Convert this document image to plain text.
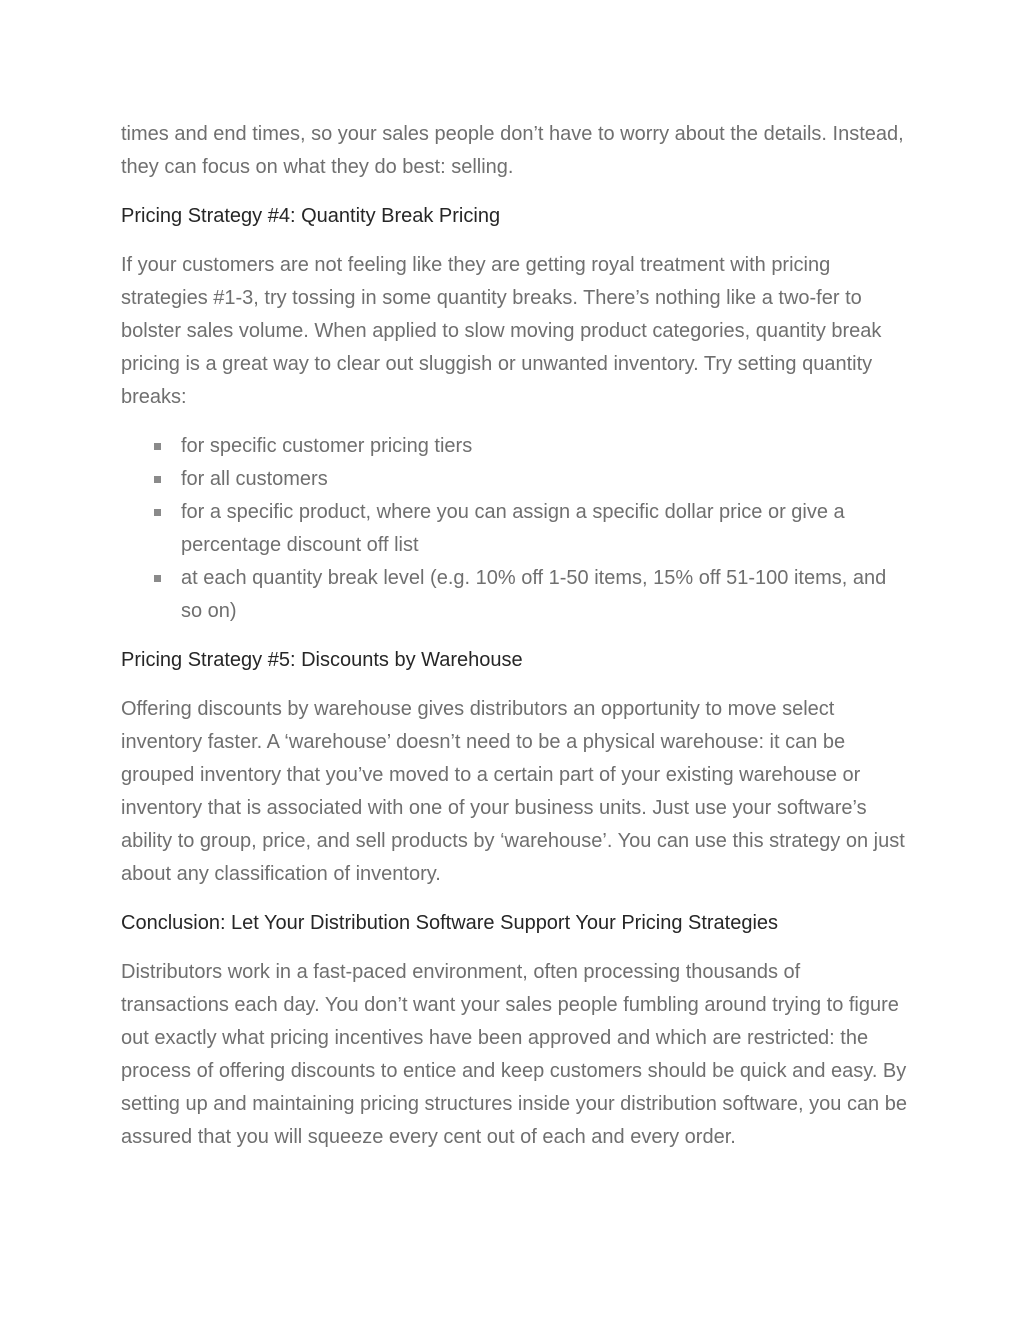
times and end times, so your sales people don’t have to worry about the details. Instead, they can focus on what they do best: selling.

Pricing Strategy #4: Quantity Break Pricing

If your customers are not feeling like they are getting royal treatment with pricing strategies #1-3, try tossing in some quantity breaks. There’s nothing like a two-fer to bolster sales volume. When applied to slow moving product categories, quantity break pricing is a great way to clear out sluggish or unwanted inventory. Try setting quantity breaks:

for specific customer pricing tiers
for all customers
for a specific product, where you can assign a specific dollar price or give a percentage discount off list
at each quantity break level (e.g. 10% off 1-50 items, 15% off 51-100 items, and so on)

Pricing Strategy #5: Discounts by Warehouse

Offering discounts by warehouse gives distributors an opportunity to move select inventory faster. A ‘warehouse’ doesn’t need to be a physical warehouse: it can be grouped inventory that you’ve moved to a certain part of your existing warehouse or inventory that is associated with one of your business units. Just use your software’s ability to group, price, and sell products by ‘warehouse’. You can use this strategy on just about any classification of inventory.

Conclusion: Let Your Distribution Software Support Your Pricing Strategies

Distributors work in a fast-paced environment, often processing thousands of transactions each day. You don’t want your sales people fumbling around trying to figure out exactly what pricing incentives have been approved and which are restricted: the process of offering discounts to entice and keep customers should be quick and easy. By setting up and maintaining pricing structures inside your distribution software, you can be assured that you will squeeze every cent out of each and every order.
